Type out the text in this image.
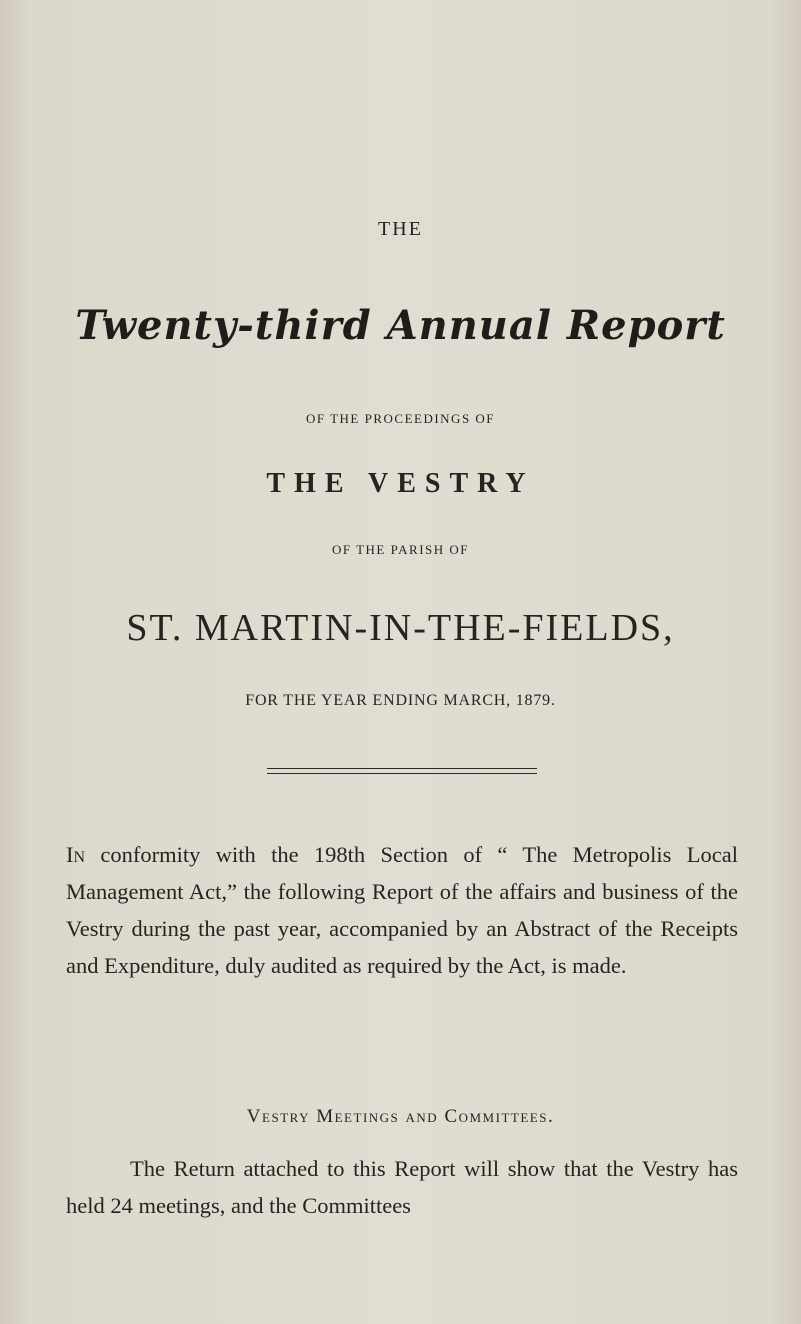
THE
Twenty-third Annual Report
OF THE PROCEEDINGS OF
THE VESTRY
OF THE PARISH OF
ST. MARTIN-IN-THE-FIELDS,
FOR THE YEAR ENDING MARCH, 1879.
In conformity with the 198th Section of “ The Metropolis Local Management Act,” the following Report of the affairs and business of the Vestry during the past year, accompanied by an Abstract of the Receipts and Expenditure, duly audited as required by the Act, is made.
Vestry Meetings and Committees.
The Return attached to this Report will show that the Vestry has held 24 meetings, and the Committees
